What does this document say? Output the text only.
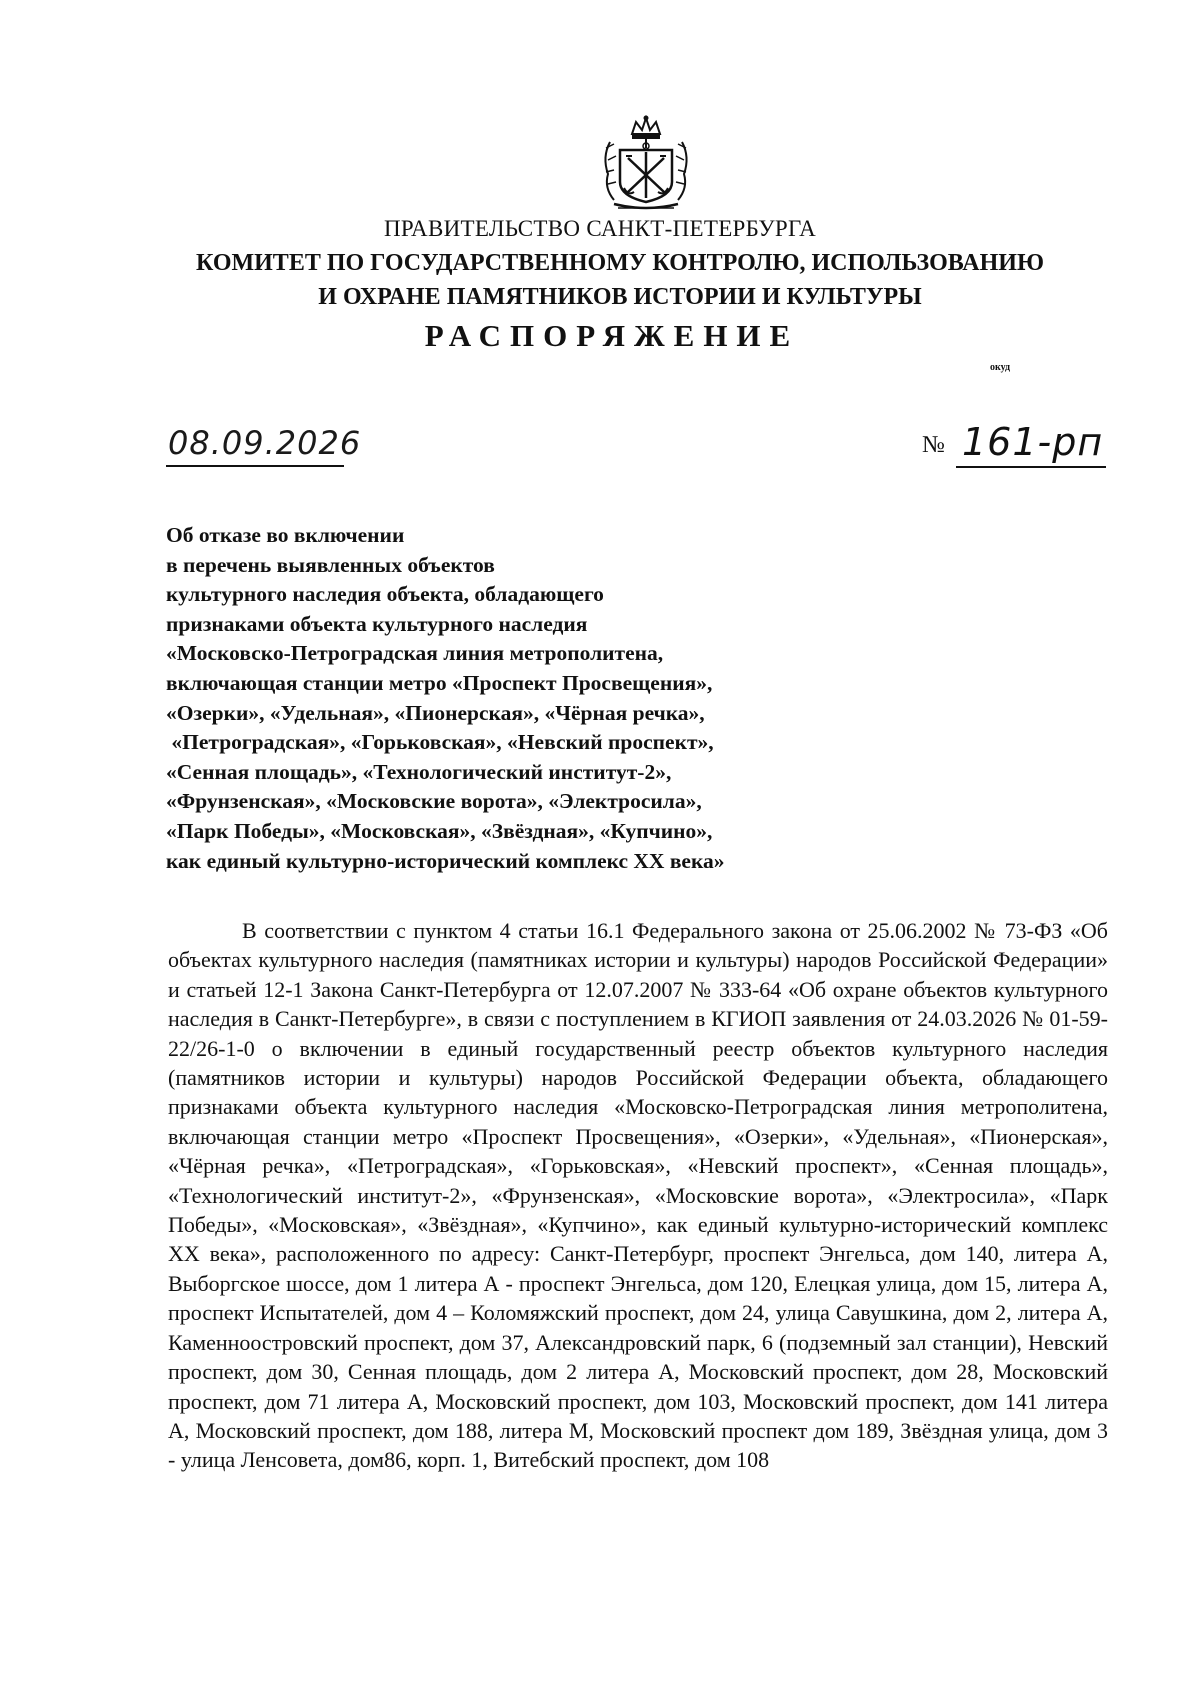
ПРАВИТЕЛЬСТВО САНКТ-ПЕТЕРБУРГА
КОМИТЕТ ПО ГОСУДАРСТВЕННОМУ КОНТРОЛЮ, ИСПОЛЬЗОВАНИЮ
И ОХРАНЕ ПАМЯТНИКОВ ИСТОРИИ И КУЛЬТУРЫ
РАСПОРЯЖЕНИЕ
окуд
08.09.2026	№ 161-рп
Об отказе во включении
в перечень выявленных объектов
культурного наследия объекта, обладающего
признаками объекта культурного наследия
«Московско-Петроградская линия метрополитена,
включающая станции метро «Проспект Просвещения»,
«Озерки», «Удельная», «Пионерская», «Чёрная речка»,
«Петроградская», «Горьковская», «Невский проспект»,
«Сенная площадь», «Технологический институт-2»,
«Фрунзенская», «Московские ворота», «Электросила»,
«Парк Победы», «Московская», «Звёздная», «Купчино»,
как единый культурно-исторический комплекс XX века»
В соответствии с пунктом 4 статьи 16.1 Федерального закона от 25.06.2002 № 73-ФЗ «Об объектах культурного наследия (памятниках истории и культуры) народов Российской Федерации» и статьей 12-1 Закона Санкт-Петербурга от 12.07.2007 № 333-64 «Об охране объектов культурного наследия в Санкт-Петербурге», в связи с поступлением в КГИОП заявления от 24.03.2026 № 01-59-22/26-1-0 о включении в единый государственный реестр объектов культурного наследия (памятников истории и культуры) народов Российской Федерации объекта, обладающего признаками объекта культурного наследия «Московско-Петроградская линия метрополитена, включающая станции метро «Проспект Просвещения», «Озерки», «Удельная», «Пионерская», «Чёрная речка», «Петроградская», «Горьковская», «Невский проспект», «Сенная площадь», «Технологический институт-2», «Фрунзенская», «Московские ворота», «Электросила», «Парк Победы», «Московская», «Звёздная», «Купчино», как единый культурно-исторический комплекс XX века», расположенного по адресу: Санкт-Петербург, проспект Энгельса, дом 140, литера А, Выборгское шоссе, дом 1 литера А - проспект Энгельса, дом 120, Елецкая улица, дом 15, литера А, проспект Испытателей, дом 4 – Коломяжский проспект, дом 24, улица Савушкина, дом 2, литера А, Каменноостровский проспект, дом 37, Александровский парк, 6 (подземный зал станции), Невский проспект, дом 30, Сенная площадь, дом 2 литера А, Московский проспект, дом 28, Московский проспект, дом 71 литера А, Московский проспект, дом 103, Московский проспект, дом 141 литера А, Московский проспект, дом 188, литера М, Московский проспект дом 189, Звёздная улица, дом 3 - улица Ленсовета, дом86, корп. 1, Витебский проспект, дом 108
